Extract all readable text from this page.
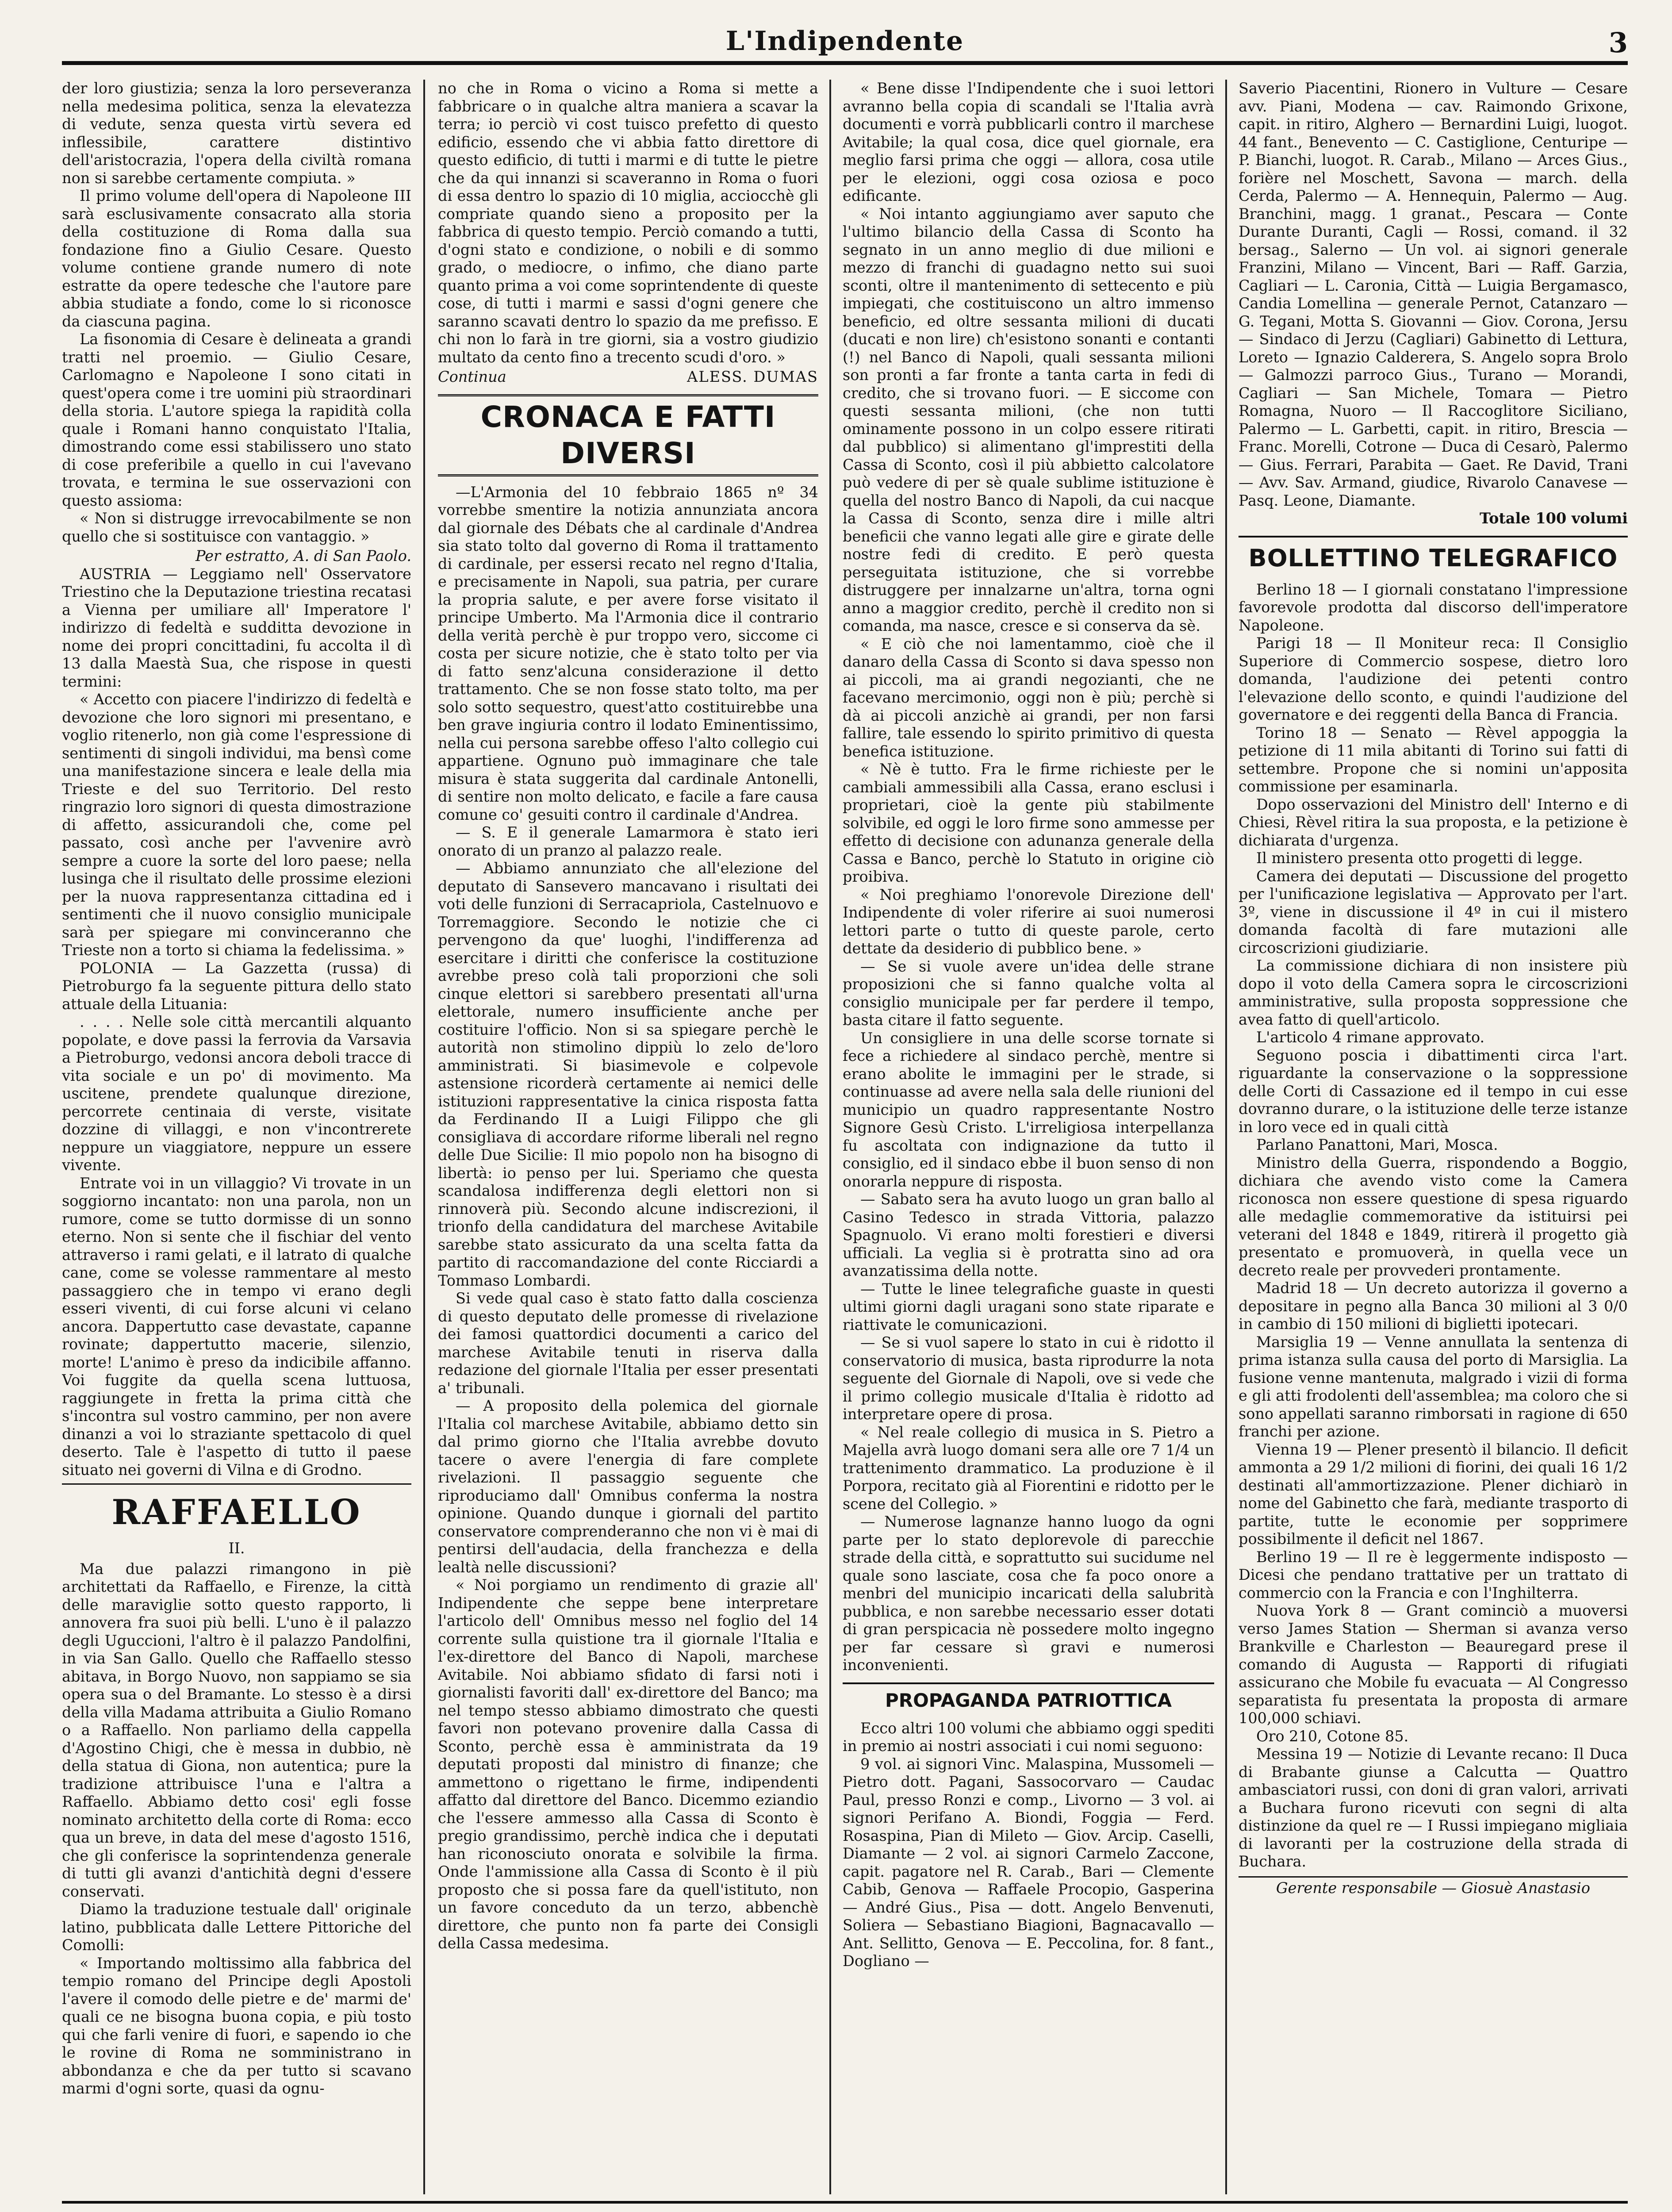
L'Indipendente	3

der loro giustizia; senza la loro perseveranza nella medesima politica, senza la elevatezza di vedute, senza questa virtù severa ed inflessibile, carattere distintivo dell'aristocrazia, l'opera della civiltà romana non si sarebbe certamente compiuta. »

Il primo volume dell'opera di Napoleone III sarà esclusivamente consacrato alla storia della costituzione di Roma dalla sua fondazione fino a Giulio Cesare. Questo volume contiene grande numero di note estratte da opere tedesche che l'autore pare abbia studiate a fondo, come lo si riconosce da ciascuna pagina.

La fisonomia di Cesare è delineata a grandi tratti nel proemio. — Giulio Cesare, Carlomagno e Napoleone I sono citati in quest'opera come i tre uomini più straordinari della storia. L'autore spiega la rapidità colla quale i Romani hanno conquistato l'Italia, dimostrando come essi stabilissero uno stato di cose preferibile a quello in cui l'avevano trovata, e termina le sue osservazioni con questo assioma:

« Non si distrugge irrevocabilmente se non quello che si sostituisce con vantaggio. »

Per estratto, A. di San Paolo.

AUSTRIA — Leggiamo nell' Osservatore Triestino che la Deputazione triestina recatasi a Vienna per umiliare all' Imperatore l' indirizzo di fedeltà e sudditta devozione in nome dei propri concittadini, fu accolta il dì 13 dalla Maestà Sua, che rispose in questi termini:

« Accetto con piacere l'indirizzo di fedeltà e devozione che loro signori mi presentano, e voglio ritenerlo, non già come l'espressione di sentimenti di singoli individui, ma bensì come una manifestazione sincera e leale della mia Trieste e del suo Territorio. Del resto ringrazio loro signori di questa dimostrazione di affetto, assicurandoli che, come pel passato, così anche per l'avvenire avrò sempre a cuore la sorte del loro paese; nella lusinga che il risultato delle prossime elezioni per la nuova rappresentanza cittadina ed i sentimenti che il nuovo consiglio municipale sarà per spiegare mi convinceranno che Trieste non a torto si chiama la fedelissima. »

POLONIA — La Gazzetta (russa) di Pietroburgo fa la seguente pittura dello stato attuale della Lituania:

. . . . Nelle sole città mercantili alquanto popolate, e dove passi la ferrovia da Varsavia a Pietroburgo, vedonsi ancora deboli tracce di vita sociale e un po' di movimento. Ma uscitene, prendete qualunque direzione, percorrete centinaia di verste, visitate dozzine di villaggi, e non v'incontrerete neppure un viaggiatore, neppure un essere vivente.

Entrate voi in un villaggio? Vi trovate in un soggiorno incantato: non una parola, non un rumore, come se tutto dormisse di un sonno eterno. Non si sente che il fischiar del vento attraverso i rami gelati, e il latrato di qualche cane, come se volesse rammentare al mesto passaggiero che in tempo vi erano degli esseri viventi, di cui forse alcuni vi celano ancora. Dappertutto case devastate, capanne rovinate; dappertutto macerie, silenzio, morte! L'animo è preso da indicibile affanno. Voi fuggite da quella scena luttuosa, raggiungete in fretta la prima città che s'incontra sul vostro cammino, per non avere dinanzi a voi lo straziante spettacolo di quel deserto. Tale è l'aspetto di tutto il paese situato nei governi di Vilna e di Grodno.

RAFFAELLO
II.

Ma due palazzi rimangono in piè architettati da Raffaello, e Firenze, la città delle maraviglie sotto questo rapporto, li annovera fra suoi più belli. L'uno è il palazzo degli Uguccioni, l'altro è il palazzo Pandolfini, in via San Gallo. Quello che Raffaello stesso abitava, in Borgo Nuovo, non sappiamo se sia opera sua o del Bramante. Lo stesso è a dirsi della villa Madama attribuita a Giulio Romano o a Raffaello. Non parliamo della cappella d'Agostino Chigi, che è messa in dubbio, nè della statua di Giona, non autentica; pure la tradizione attribuisce l'una e l'altra a Raffaello. Abbiamo detto cosi' egli fosse nominato architetto della corte di Roma: ecco qua un breve, in data del mese d'agosto 1516, che gli conferisce la soprintendenza generale di tutti gli avanzi d'antichità degni d'essere conservati.

Diamo la traduzione testuale dall' originale latino, pubblicata dalle Lettere Pittoriche del Comolli:

« Importando moltissimo alla fabbrica del tempio romano del Principe degli Apostoli l'avere il comodo delle pietre e de' marmi de' quali ce ne bisogna buona copia, e più tosto qui che farli venire di fuori, e sapendo io che le rovine di Roma ne somministrano in abbondanza e che da per tutto si scavano marmi d'ogni sorte, quasi da ognu-

no che in Roma o vicino a Roma si mette a fabbricare o in qualche altra maniera a scavar la terra; io perciò vi cost tuisco prefetto di questo edificio, essendo che vi abbia fatto direttore di questo edificio, di tutti i marmi e di tutte le pietre che da qui innanzi si scaveranno in Roma o fuori di essa dentro lo spazio di 10 miglia, acciocchè gli compriate quando sieno a proposito per la fabbrica di questo tempio. Perciò comando a tutti, d'ogni stato e condizione, o nobili e di sommo grado, o mediocre, o infimo, che diano parte quanto prima a voi come soprintendente di queste cose, di tutti i marmi e sassi d'ogni genere che saranno scavati dentro lo spazio da me prefisso. E chi non lo farà in tre giorni, sia a vostro giudizio multato da cento fino a trecento scudi d'oro. »

Continua	ALESS. DUMAS
CRONACA E FATTI DIVERSI

—L'Armonia del 10 febbraio 1865 nº 34 vorrebbe smentire la notizia annunziata ancora dal giornale des Débats che al cardinale d'Andrea sia stato tolto dal governo di Roma il trattamento di cardinale, per essersi recato nel regno d'Italia, e precisamente in Napoli, sua patria, per curare la propria salute, e per avere forse visitato il principe Umberto. Ma l'Armonia dice il contrario della verità perchè è pur troppo vero, siccome ci costa per sicure notizie, che è stato tolto per via di fatto senz'alcuna considerazione il detto trattamento. Che se non fosse stato tolto, ma per solo sotto sequestro, quest'atto costituirebbe una ben grave ingiuria contro il lodato Eminentissimo, nella cui persona sarebbe offeso l'alto collegio cui appartiene. Ognuno può immaginare che tale misura è stata suggerita dal cardinale Antonelli, di sentire non molto delicato, e facile a fare causa comune co' gesuiti contro il cardinale d'Andrea.

— S. E il generale Lamarmora è stato ieri onorato di un pranzo al palazzo reale.

— Abbiamo annunziato che all'elezione del deputato di Sansevero mancavano i risultati dei voti delle funzioni di Serracapriola, Castelnuovo e Torremaggiore. Secondo le notizie che ci pervengono da que' luoghi, l'indifferenza ad esercitare i diritti che conferisce la costituzione avrebbe preso colà tali proporzioni che soli cinque elettori si sarebbero presentati all'urna elettorale, numero insufficiente anche per costituire l'officio. Non si sa spiegare perchè le autorità non stimolino dippiù lo zelo de'loro amministrati. Si biasimevole e colpevole astensione ricorderà certamente ai nemici delle istituzioni rappresentative la cinica risposta fatta da Ferdinando II a Luigi Filippo che gli consigliava di accordare riforme liberali nel regno delle Due Sicilie: Il mio popolo non ha bisogno di libertà: io penso per lui. Speriamo che questa scandalosa indifferenza degli elettori non si rinnoverà più. Secondo alcune indiscrezioni, il trionfo della candidatura del marchese Avitabile sarebbe stato assicurato da una scelta fatta da partito di raccomandazione del conte Ricciardi a Tommaso Lombardi.

Si vede qual caso è stato fatto dalla coscienza di questo deputato delle promesse di rivelazione dei famosi quattordici documenti a carico del marchese Avitabile tenuti in riserva dalla redazione del giornale l'Italia per esser presentati a' tribunali.

— A proposito della polemica del giornale l'Italia col marchese Avitabile, abbiamo detto sin dal primo giorno che l'Italia avrebbe dovuto tacere o avere l'energia di fare complete rivelazioni. Il passaggio seguente che riproduciamo dall' Omnibus conferma la nostra opinione. Quando dunque i giornali del partito conservatore comprenderanno che non vi è mai di pentirsi dell'audacia, della franchezza e della lealtà nelle discussioni?

« Noi porgiamo un rendimento di grazie all' Indipendente che seppe bene interpretare l'articolo dell' Omnibus messo nel foglio del 14 corrente sulla quistione tra il giornale l'Italia e l'ex-direttore del Banco di Napoli, marchese Avitabile. Noi abbiamo sfidato di farsi noti i giornalisti favoriti dall' ex-direttore del Banco; ma nel tempo stesso abbiamo dimostrato che questi favori non potevano provenire dalla Cassa di Sconto, perchè essa è amministrata da 19 deputati proposti dal ministro di finanze; che ammettono o rigettano le firme, indipendenti affatto dal direttore del Banco. Dicemmo eziandio che l'essere ammesso alla Cassa di Sconto è pregio grandissimo, perchè indica che i deputati han riconosciuto onorata e solvibile la firma. Onde l'ammissione alla Cassa di Sconto è il più proposto che si possa fare da quell'istituto, non un favore conceduto da un terzo, abbenchè direttore, che punto non fa parte dei Consigli della Cassa medesima.

« Bene disse l'Indipendente che i suoi lettori avranno bella copia di scandali se l'Italia avrà documenti e vorrà pubblicarli contro il marchese Avitabile; la qual cosa, dice quel giornale, era meglio farsi prima che oggi — allora, cosa utile per le elezioni, oggi cosa oziosa e poco edificante.

« Noi intanto aggiungiamo aver saputo che l'ultimo bilancio della Cassa di Sconto ha segnato in un anno meglio di due milioni e mezzo di franchi di guadagno netto sui suoi sconti, oltre il mantenimento di settecento e più impiegati, che costituiscono un altro immenso beneficio, ed oltre sessanta milioni di ducati (ducati e non lire) ch'esistono sonanti e contanti (!) nel Banco di Napoli, quali sessanta milioni son pronti a far fronte a tanta carta in fedi di credito, che si trovano fuori. — E siccome con questi sessanta milioni, (che non tutti ominamente possono in un colpo essere ritirati dal pubblico) si alimentano gl'imprestiti della Cassa di Sconto, così il più abbietto calcolatore può vedere di per sè quale sublime istituzione è quella del nostro Banco di Napoli, da cui nacque la Cassa di Sconto, senza dire i mille altri beneficii che vanno legati alle gire e girate delle nostre fedi di credito. E però questa perseguitata istituzione, che si vorrebbe distruggere per innalzarne un'altra, torna ogni anno a maggior credito, perchè il credito non si comanda, ma nasce, cresce e si conserva da sè.

« E ciò che noi lamentammo, cioè che il danaro della Cassa di Sconto si dava spesso non ai piccoli, ma ai grandi negozianti, che ne facevano mercimonio, oggi non è più; perchè si dà ai piccoli anzichè ai grandi, per non farsi fallire, tale essendo lo spirito primitivo di questa benefica istituzione.

« Nè è tutto. Fra le firme richieste per le cambiali ammessibili alla Cassa, erano esclusi i proprietari, cioè la gente più stabilmente solvibile, ed oggi le loro firme sono ammesse per effetto di decisione con adunanza generale della Cassa e Banco, perchè lo Statuto in origine ciò proibiva.

« Noi preghiamo l'onorevole Direzione dell' Indipendente di voler riferire ai suoi numerosi lettori parte o tutto di queste parole, certo dettate da desiderio di pubblico bene. »

— Se si vuole avere un'idea delle strane proposizioni che si fanno qualche volta al consiglio municipale per far perdere il tempo, basta citare il fatto seguente.

Un consigliere in una delle scorse tornate si fece a richiedere al sindaco perchè, mentre si erano abolite le immagini per le strade, si continuasse ad avere nella sala delle riunioni del municipio un quadro rappresentante Nostro Signore Gesù Cristo. L'irreligiosa interpellanza fu ascoltata con indignazione da tutto il consiglio, ed il sindaco ebbe il buon senso di non onorarla neppure di risposta.

— Sabato sera ha avuto luogo un gran ballo al Casino Tedesco in strada Vittoria, palazzo Spagnuolo. Vi erano molti forestieri e diversi ufficiali. La veglia si è protratta sino ad ora avanzatissima della notte.

— Tutte le linee telegrafiche guaste in questi ultimi giorni dagli uragani sono state riparate e riattivate le comunicazioni.

— Se si vuol sapere lo stato in cui è ridotto il conservatorio di musica, basta riprodurre la nota seguente del Giornale di Napoli, ove si vede che il primo collegio musicale d'Italia è ridotto ad interpretare opere di prosa.

« Nel reale collegio di musica in S. Pietro a Majella avrà luogo domani sera alle ore 7 1/4 un trattenimento drammatico. La produzione è il Porpora, recitato già al Fiorentini e ridotto per le scene del Collegio. »

— Numerose lagnanze hanno luogo da ogni parte per lo stato deplorevole di parecchie strade della città, e soprattutto sui sucidume nel quale sono lasciate, cosa che fa poco onore a menbri del municipio incaricati della salubrità pubblica, e non sarebbe necessario esser dotati di gran perspicacia nè possedere molto ingegno per far cessare sì gravi e numerosi inconvenienti.

PROPAGANDA PATRIOTTICA

Ecco altri 100 volumi che abbiamo oggi spediti in premio ai nostri associati i cui nomi seguono:

9 vol. ai signori Vinc. Malaspina, Mussomeli — Pietro dott. Pagani, Sassocorvaro — Caudac Paul, presso Ronzi e comp., Livorno — 3 vol. ai signori Perifano A. Biondi, Foggia — Ferd. Rosaspina, Pian di Mileto — Giov. Arcip. Caselli, Diamante — 2 vol. ai signori Carmelo Zaccone, capit. pagatore nel R. Carab., Bari — Clemente Cabib, Genova — Raffaele Procopio, Gasperina — André Gius., Pisa — dott. Angelo Benvenuti, Soliera — Sebastiano Biagioni, Bagnacavallo — Ant. Sellitto, Genova — E. Peccolina, for. 8 fant., Dogliano —

Saverio Piacentini, Rionero in Vulture — Cesare avv. Piani, Modena — cav. Raimondo Grixone, capit. in ritiro, Alghero — Bernardini Luigi, luogot. 44 fant., Benevento — C. Castiglione, Centuripe — P. Bianchi, luogot. R. Carab., Milano — Arces Gius., forière nel Moschett, Savona — march. della Cerda, Palermo — A. Hennequin, Palermo — Aug. Branchini, magg. 1 granat., Pescara — Conte Durante Duranti, Cagli — Rossi, comand. il 32 bersag., Salerno — Un vol. ai signori generale Franzini, Milano — Vincent, Bari — Raff. Garzia, Cagliari — L. Caronia, Città — Luigia Bergamasco, Candia Lomellina — generale Pernot, Catanzaro — G. Tegani, Motta S. Giovanni — Giov. Corona, Jersu — Sindaco di Jerzu (Cagliari) Gabinetto di Lettura, Loreto — Ignazio Calderera, S. Angelo sopra Brolo — Galmozzi parroco Gius., Turano — Morandi, Cagliari — San Michele, Tomara — Pietro Romagna, Nuoro — Il Raccoglitore Siciliano, Palermo — L. Garbetti, capit. in ritiro, Brescia — Franc. Morelli, Cotrone — Duca di Cesarò, Palermo — Gius. Ferrari, Parabita — Gaet. Re David, Trani — Avv. Sav. Armand, giudice, Rivarolo Canavese — Pasq. Leone, Diamante.

Totale 100 volumi
BOLLETTINO TELEGRAFICO

Berlino 18 — I giornali constatano l'impressione favorevole prodotta dal discorso dell'imperatore Napoleone.

Parigi 18 — Il Moniteur reca: Il Consiglio Superiore di Commercio sospese, dietro loro domanda, l'audizione dei petenti contro l'elevazione dello sconto, e quindi l'audizione del governatore e dei reggenti della Banca di Francia.

Torino 18 — Senato — Rèvel appoggia la petizione di 11 mila abitanti di Torino sui fatti di settembre. Propone che si nomini un'apposita commissione per esaminarla.

Dopo osservazioni del Ministro dell' Interno e di Chiesi, Rèvel ritira la sua proposta, e la petizione è dichiarata d'urgenza.

Il ministero presenta otto progetti di legge.

Camera dei deputati — Discussione del progetto per l'unificazione legislativa — Approvato per l'art. 3º, viene in discussione il 4º in cui il mistero domanda facoltà di fare mutazioni alle circoscrizioni giudiziarie.

La commissione dichiara di non insistere più dopo il voto della Camera sopra le circoscrizioni amministrative, sulla proposta soppressione che avea fatto di quell'articolo.

L'articolo 4 rimane approvato.

Seguono poscia i dibattimenti circa l'art. riguardante la conservazione o la soppressione delle Corti di Cassazione ed il tempo in cui esse dovranno durare, o la istituzione delle terze istanze in loro vece ed in quali città

Parlano Panattoni, Mari, Mosca.

Ministro della Guerra, rispondendo a Boggio, dichiara che avendo visto come la Camera riconosca non essere questione di spesa riguardo alle medaglie commemorative da istituirsi pei veterani del 1848 e 1849, ritirerà il progetto già presentato e promuoverà, in quella vece un decreto reale per provvederi prontamente.

Madrid 18 — Un decreto autorizza il governo a depositare in pegno alla Banca 30 milioni al 3 0/0 in cambio di 150 milioni di biglietti ipotecari.

Marsiglia 19 — Venne annullata la sentenza di prima istanza sulla causa del porto di Marsiglia. La fusione venne mantenuta, malgrado i vizii di forma e gli atti frodolenti dell'assemblea; ma coloro che si sono appellati saranno rimborsati in ragione di 650 franchi per azione.

Vienna 19 — Plener presentò il bilancio. Il deficit ammonta a 29 1/2 milioni di fiorini, dei quali 16 1/2 destinati all'ammortizzazione. Plener dichiarò in nome del Gabinetto che farà, mediante trasporto di partite, tutte le economie per sopprimere possibilmente il deficit nel 1867.

Berlino 19 — Il re è leggermente indisposto — Dicesi che pendano trattative per un trattato di commercio con la Francia e con l'Inghilterra.

Nuova York 8 — Grant cominciò a muoversi verso James Station — Sherman si avanza verso Brankville e Charleston — Beauregard prese il comando di Augusta — Rapporti di rifugiati assicurano che Mobile fu evacuata — Al Congresso separatista fu presentata la proposta di armare 100,000 schiavi.

Oro 210, Cotone 85.

Messina 19 — Notizie di Levante recano: Il Duca di Brabante giunse a Calcutta — Quattro ambasciatori russi, con doni di gran valori, arrivati a Buchara furono ricevuti con segni di alta distinzione da quel re — I Russi impiegano migliaia di lavoranti per la costruzione della strada di Buchara.

Gerente responsabile — Giosuè Anastasio
